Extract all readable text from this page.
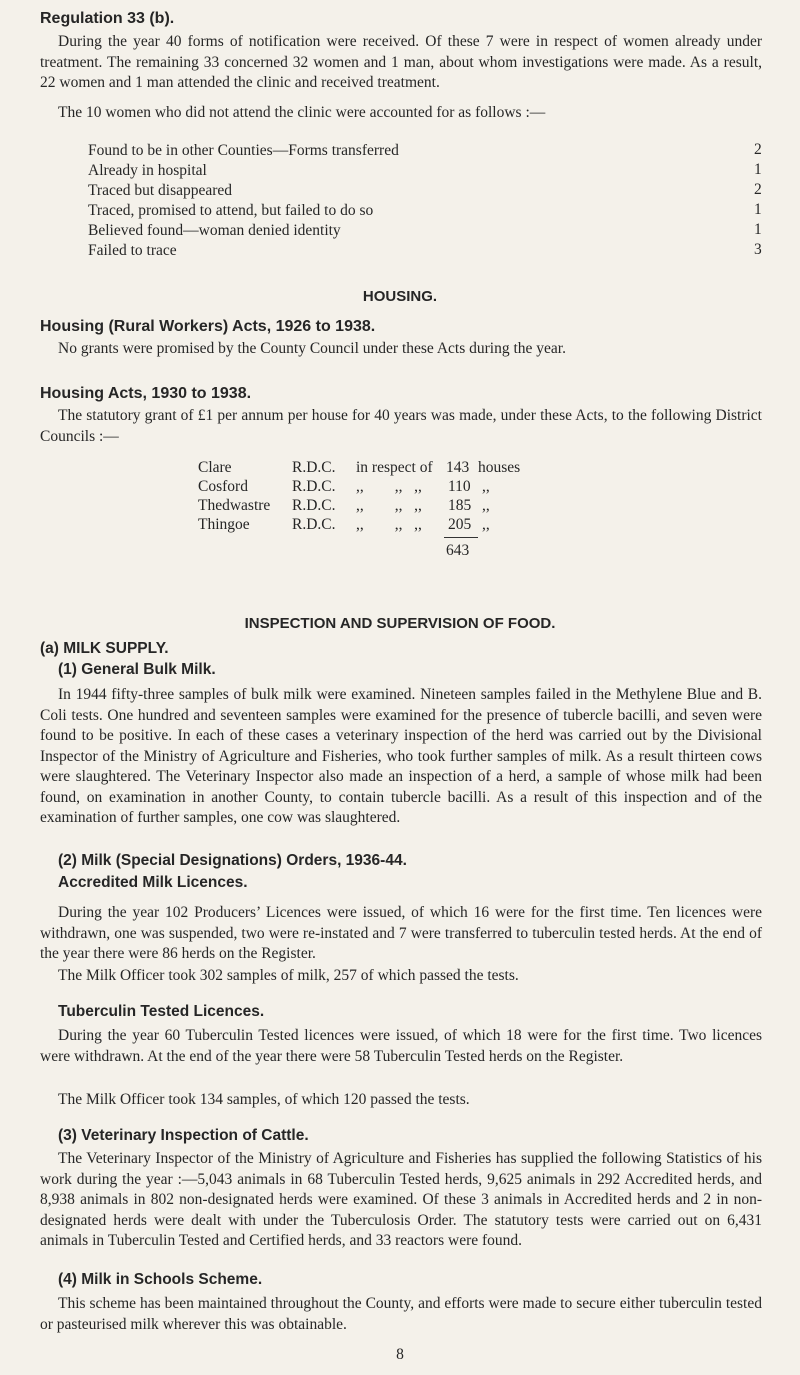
Regulation 33 (b).

During the year 40 forms of notification were received. Of these 7 were in respect of women already under treatment. The remaining 33 concerned 32 women and 1 man, about whom investigations were made. As a result, 22 women and 1 man attended the clinic and received treatment.

The 10 women who did not attend the clinic were accounted for as follows :—
Found to be in other Counties—Forms transferred	2
Already in hospital	1
Traced but disappeared	2
Traced, promised to attend, but failed to do so	1
Believed found—woman denied identity	1
Failed to trace	3
HOUSING.
Housing (Rural Workers) Acts, 1926 to 1938.
No grants were promised by the County Council under these Acts during the year.
Housing Acts, 1930 to 1938.

The statutory grant of £1 per annum per house for 40 years was made, under these Acts, to the following District Councils :—

Clare	R.D.C. in respect of 143 houses
Cosford	R.D.C. ,,        ,,   ,, 110 ,,
Thedwastre R.D.C. ,,        ,,   ,, 185 ,,
Thingoe	R.D.C. ,,        ,,   ,, 205 ,,
643
INSPECTION AND SUPERVISION OF FOOD.
(a) MILK SUPPLY.
(1) General Bulk Milk.

In 1944 fifty-three samples of bulk milk were examined. Nineteen samples failed in the Methylene Blue and B. Coli tests. One hundred and seventeen samples were examined for the presence of tubercle bacilli, and seven were found to be positive. In each of these cases a veterinary inspection of the herd was carried out by the Divisional Inspector of the Ministry of Agriculture and Fisheries, who took further samples of milk. As a result thirteen cows were slaughtered. The Veterinary Inspector also made an inspection of a herd, a sample of whose milk had been found, on examination in another County, to contain tubercle bacilli. As a result of this inspection and of the examination of further samples, one cow was slaughtered.

(2) Milk (Special Designations) Orders, 1936-44.
Accredited Milk Licences.

During the year 102 Producers’ Licences were issued, of which 16 were for the first time. Ten licences were withdrawn, one was suspended, two were re-instated and 7 were transferred to tuberculin tested herds. At the end of the year there were 86 herds on the Register.

The Milk Officer took 302 samples of milk, 257 of which passed the tests.
Tuberculin Tested Licences.

During the year 60 Tuberculin Tested licences were issued, of which 18 were for the first time. Two licences were withdrawn. At the end of the year there were 58 Tuberculin Tested herds on the Register.

The Milk Officer took 134 samples, of which 120 passed the tests.
(3) Veterinary Inspection of Cattle.

The Veterinary Inspector of the Ministry of Agriculture and Fisheries has supplied the following Statistics of his work during the year :—5,043 animals in 68 Tuberculin Tested herds, 9,625 animals in 292 Accredited herds, and 8,938 animals in 802 non-designated herds were examined. Of these 3 animals in Accredited herds and 2 in non-designated herds were dealt with under the Tuberculosis Order. The statutory tests were carried out on 6,431 animals in Tuberculin Tested and Certified herds, and 33 reactors were found.

(4) Milk in Schools Scheme.

This scheme has been maintained throughout the County, and efforts were made to secure either tuberculin tested or pasteurised milk wherever this was obtainable.

8
